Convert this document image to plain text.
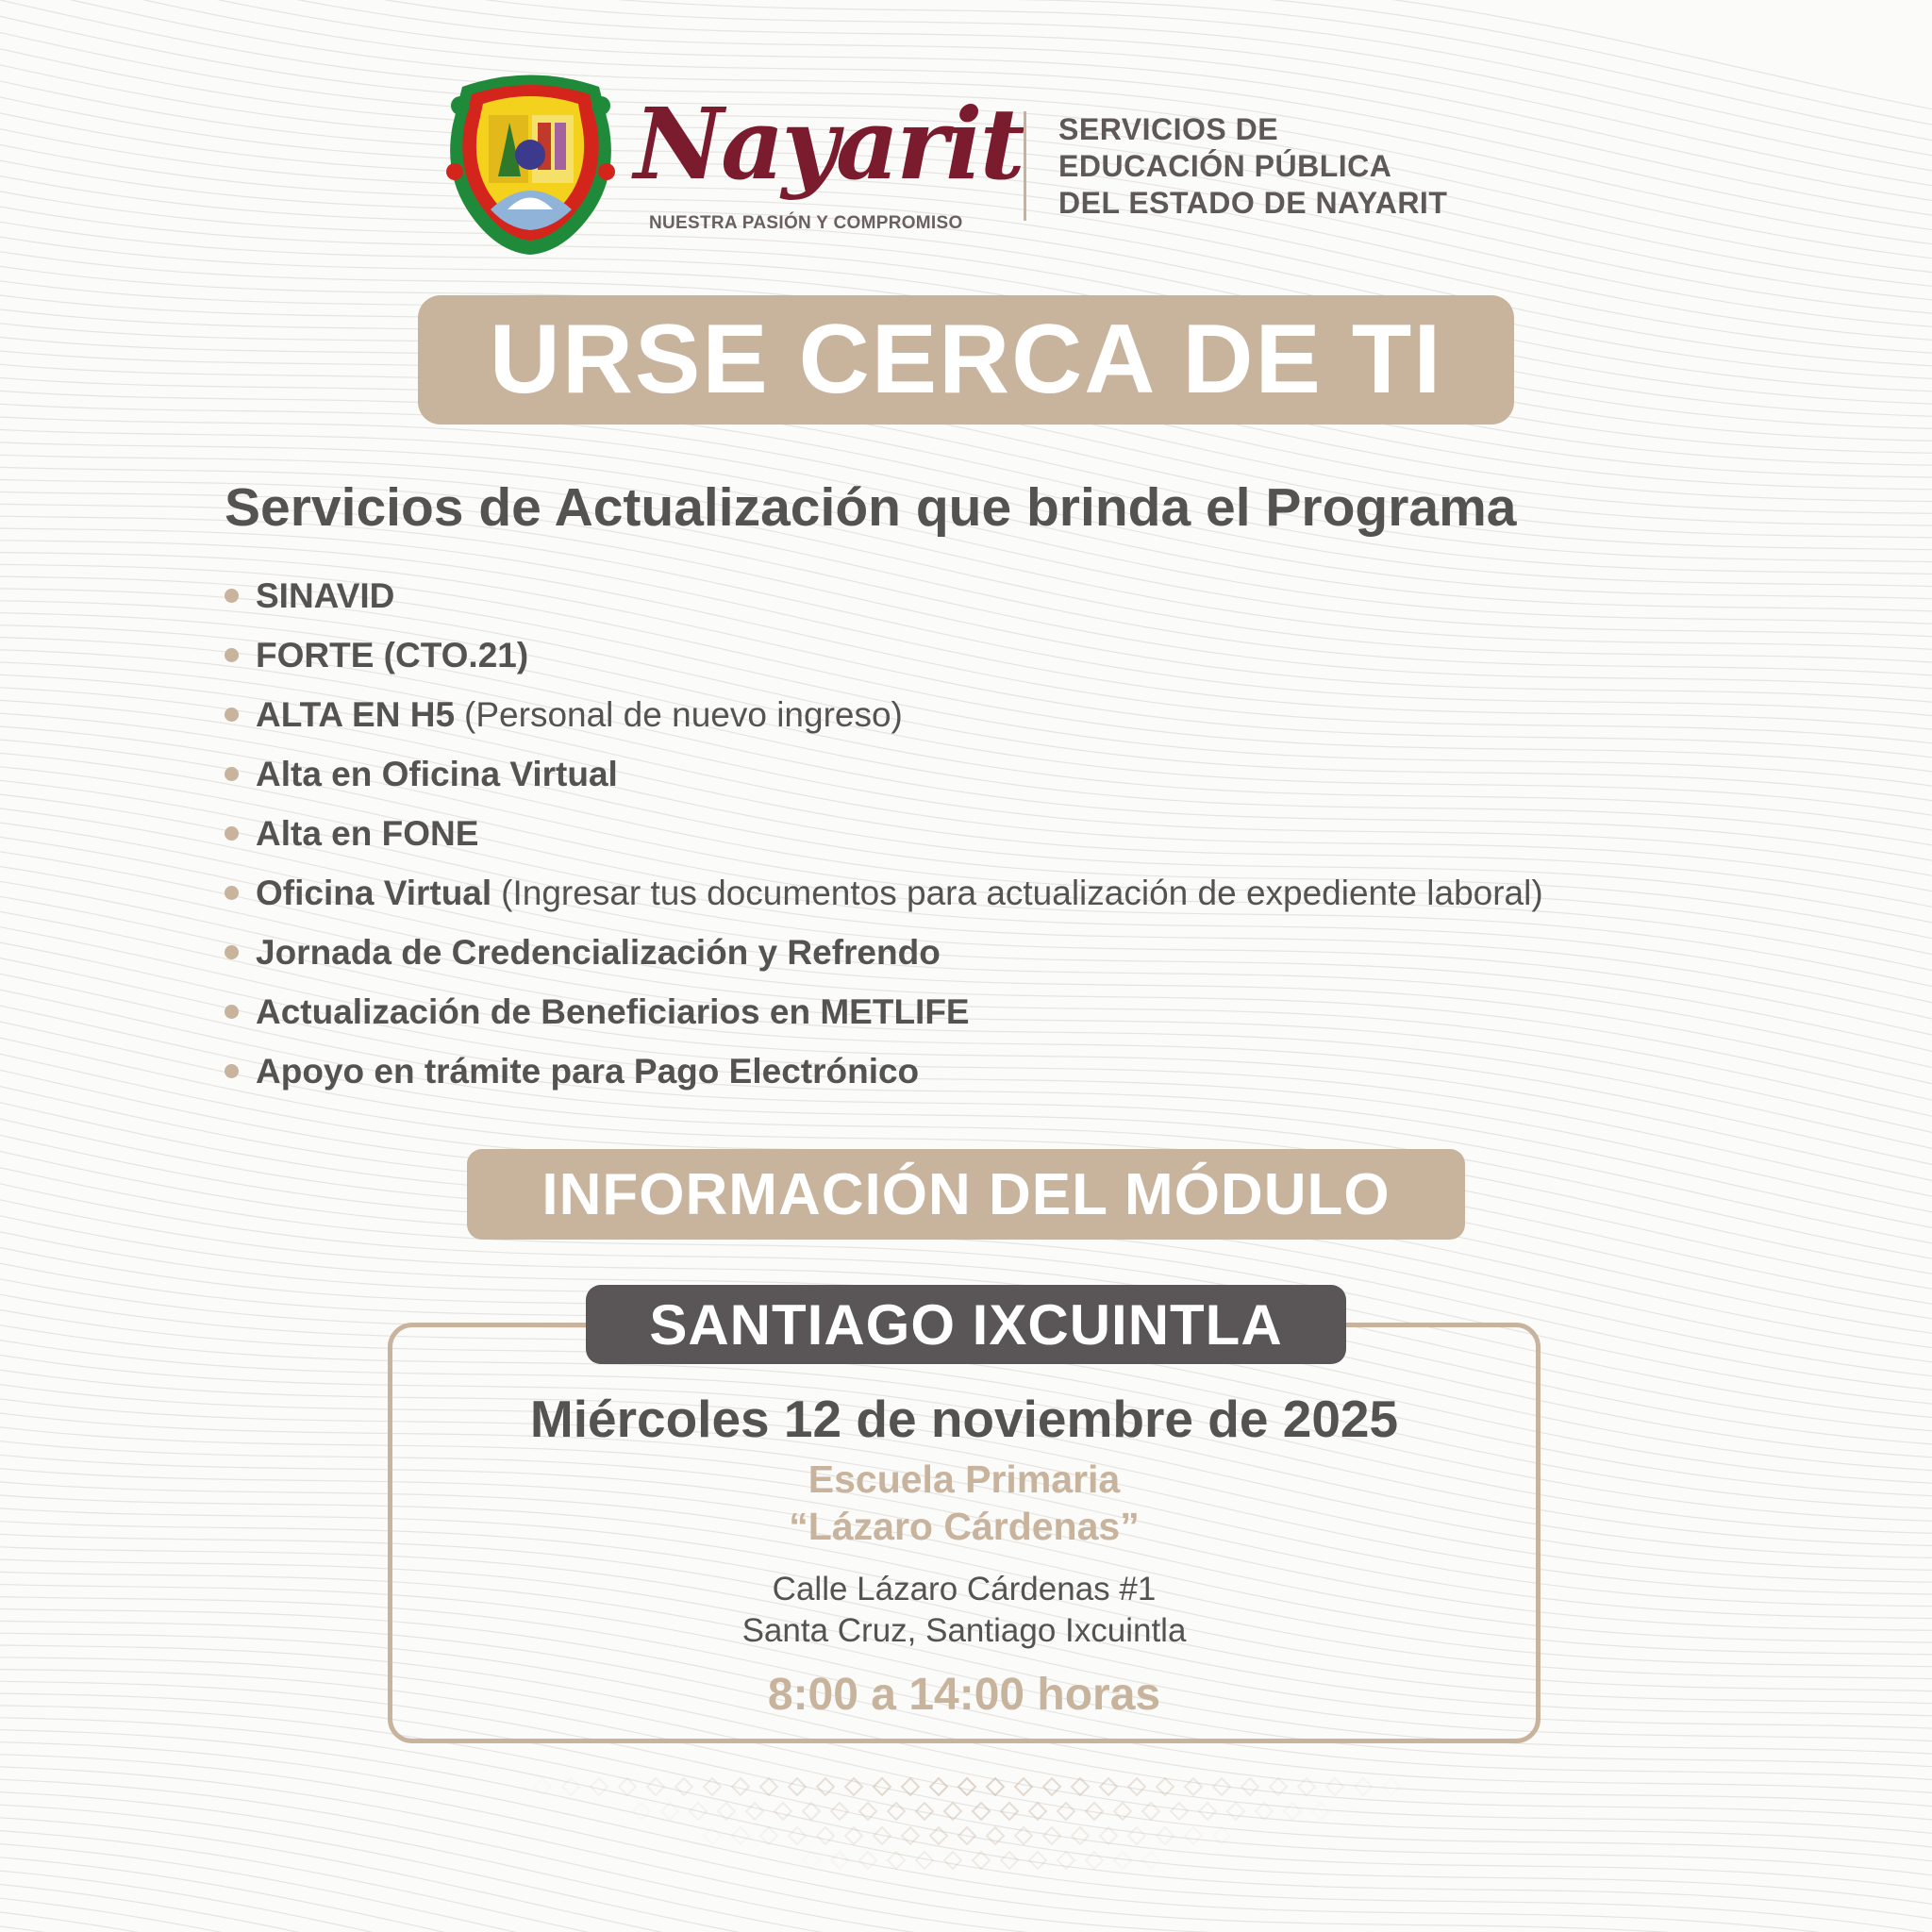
Nayarit
NUESTRA PASIÓN Y COMPROMISO
SERVICIOS DE
EDUCACIÓN PÚBLICA
DEL ESTADO DE NAYARIT
URSE CERCA DE TI
Servicios de Actualización que brinda el Programa
SINAVID
FORTE (CTO.21)
ALTA EN H5 (Personal de nuevo ingreso)
Alta en Oficina Virtual
Alta en FONE
Oficina Virtual (Ingresar tus documentos para actualización de expediente laboral)
Jornada de Credencialización y Refrendo
Actualización de Beneficiarios en METLIFE
Apoyo en trámite para Pago Electrónico
INFORMACIÓN DEL MÓDULO
SANTIAGO IXCUINTLA
Miércoles 12 de noviembre de 2025
Escuela Primaria
“Lázaro Cárdenas”
Calle Lázaro Cárdenas #1
Santa Cruz, Santiago Ixcuintla
8:00 a 14:00 horas
